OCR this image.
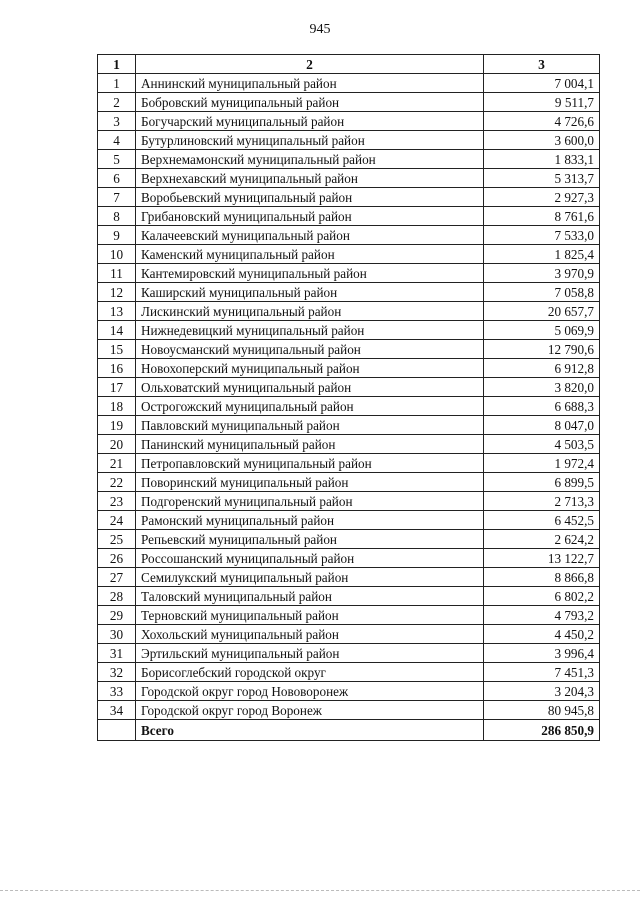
945
1	2	3
1	Аннинский муниципальный район	7 004,1
2	Бобровский муниципальный район	9 511,7
3	Богучарский муниципальный район	4 726,6
4	Бутурлиновский муниципальный район	3 600,0
5	Верхнемамонский муниципальный район	1 833,1
6	Верхнехавский муниципальный район	5 313,7
7	Воробьевский муниципальный район	2 927,3
8	Грибановский муниципальный район	8 761,6
9	Калачеевский муниципальный район	7 533,0
10	Каменский муниципальный район	1 825,4
11	Кантемировский муниципальный район	3 970,9
12	Каширский муниципальный район	7 058,8
13	Лискинский муниципальный район	20 657,7
14	Нижнедевицкий муниципальный район	5 069,9
15	Новоусманский муниципальный район	12 790,6
16	Новохоперский муниципальный район	6 912,8
17	Ольховатский муниципальный район	3 820,0
18	Острогожский муниципальный район	6 688,3
19	Павловский муниципальный район	8 047,0
20	Панинский муниципальный район	4 503,5
21	Петропавловский муниципальный район	1 972,4
22	Поворинский муниципальный район	6 899,5
23	Подгоренский муниципальный район	2 713,3
24	Рамонский муниципальный район	6 452,5
25	Репьевский муниципальный район	2 624,2
26	Россошанский муниципальный район	13 122,7
27	Семилукский муниципальный район	8 866,8
28	Таловский муниципальный район	6 802,2
29	Терновский муниципальный район	4 793,2
30	Хохольский муниципальный район	4 450,2
31	Эртильский муниципальный район	3 996,4
32	Борисоглебский городской округ	7 451,3
33	Городской округ город Нововоронеж	3 204,3
34	Городской округ город Воронеж	80 945,8
	Всего	286 850,9
